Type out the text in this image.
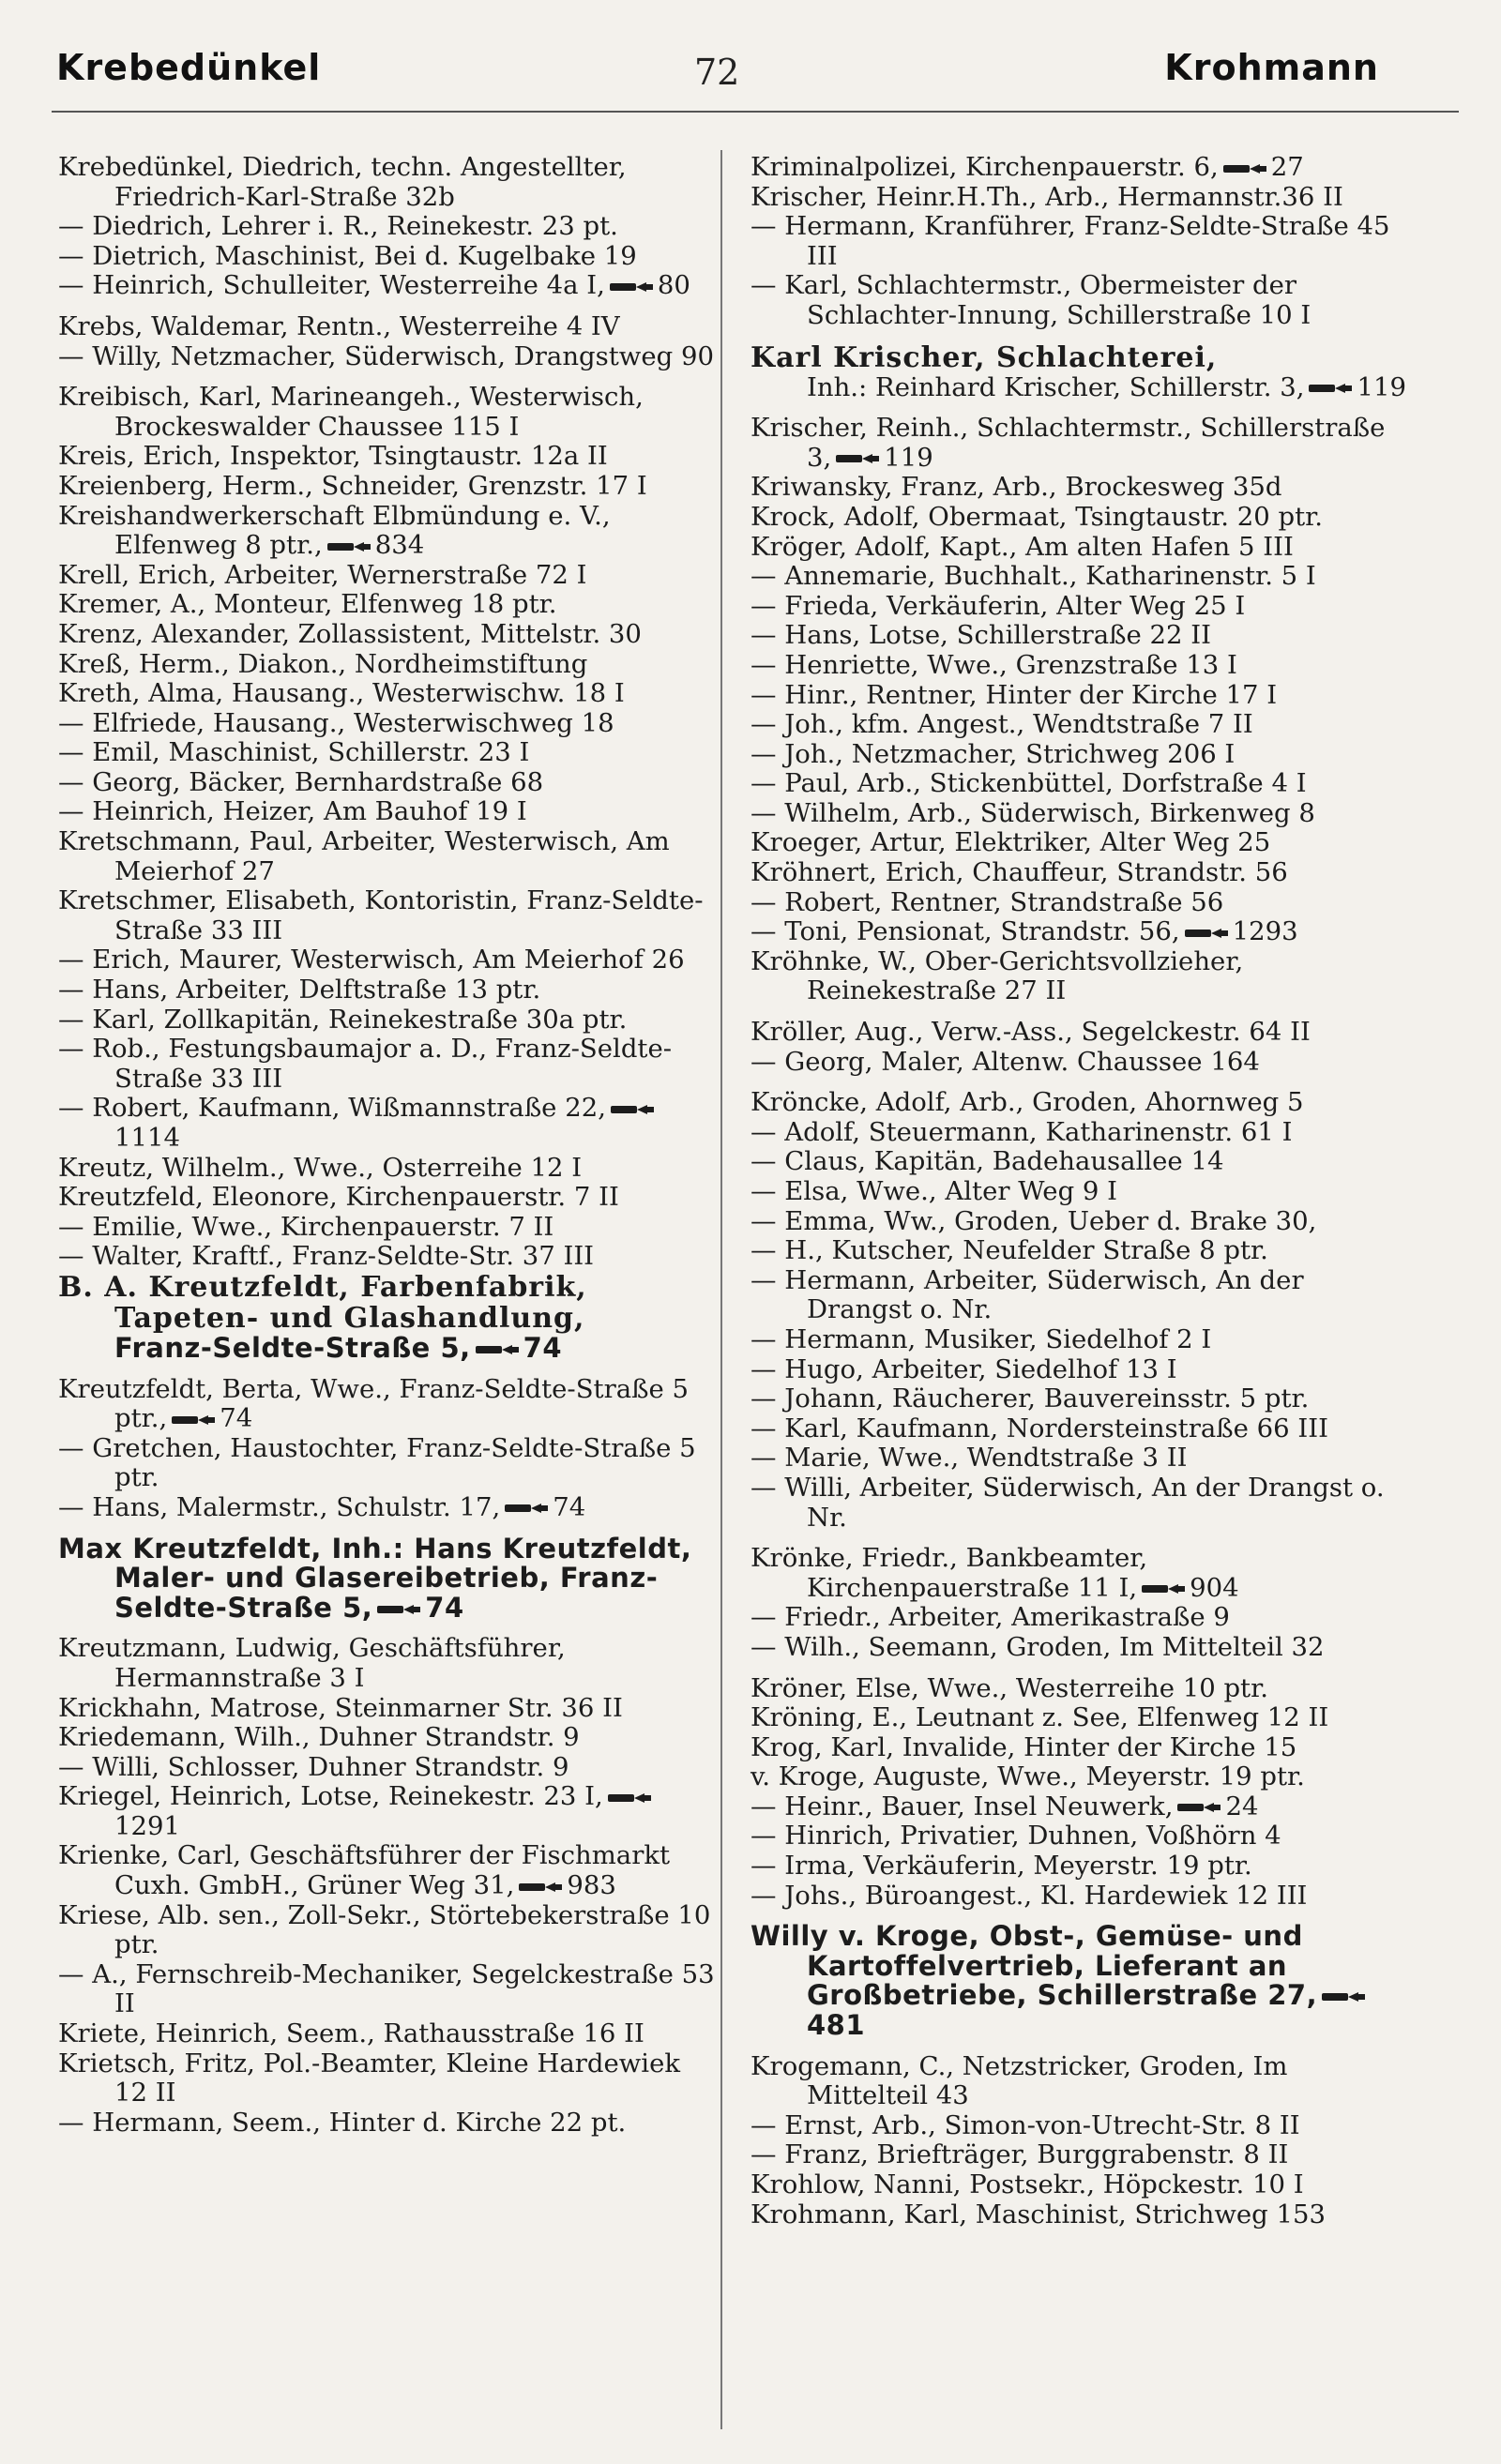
Krebedünkel	72	Krohmann
Krebedünkel, Diedrich, techn. Angestellter, Friedrich-Karl-Straße 32b
— Diedrich, Lehrer i. R., Reinekestr. 23 pt.
— Dietrich, Maschinist, Bei d. Kugelbake 19
— Heinrich, Schulleiter, Westerreihe 4a I, 80
Krebs, Waldemar, Rentn., Westerreihe 4 IV
— Willy, Netzmacher, Süderwisch, Drangstweg 90
Kreibisch, Karl, Marineangeh., Westerwisch, Brockeswalder Chaussee 115 I
Kreis, Erich, Inspektor, Tsingtaustr. 12a II
Kreienberg, Herm., Schneider, Grenzstr. 17 I
Kreishandwerkerschaft Elbmündung e. V., Elfenweg 8 ptr., 834
Krell, Erich, Arbeiter, Wernerstraße 72 I
Kremer, A., Monteur, Elfenweg 18 ptr.
Krenz, Alexander, Zollassistent, Mittelstr. 30
Kreß, Herm., Diakon., Nordheimstiftung
Kreth, Alma, Hausang., Westerwischw. 18 I
— Elfriede, Hausang., Westerwischweg 18
— Emil, Maschinist, Schillerstr. 23 I
— Georg, Bäcker, Bernhardstraße 68
— Heinrich, Heizer, Am Bauhof 19 I
Kretschmann, Paul, Arbeiter, Westerwisch, Am Meierhof 27
Kretschmer, Elisabeth, Kontoristin, Franz-Seldte-Straße 33 III
— Erich, Maurer, Westerwisch, Am Meierhof 26
— Hans, Arbeiter, Delftstraße 13 ptr.
— Karl, Zollkapitän, Reinekestraße 30a ptr.
— Rob., Festungsbaumajor a. D., Franz-Seldte-Straße 33 III
— Robert, Kaufmann, Wißmannstraße 22,1114
Kreutz, Wilhelm., Wwe., Osterreihe 12 I
Kreutzfeld, Eleonore, Kirchenpauerstr. 7 II
— Emilie, Wwe., Kirchenpauerstr. 7 II
— Walter, Kraftf., Franz-Seldte-Str. 37 III
B. A. Kreutzfeldt, Farbenfabrik, Tapeten- und Glashandlung,
Franz-Seldte-Straße 5, 74
Kreutzfeldt, Berta, Wwe., Franz-Seldte-Straße 5 ptr., 74
— Gretchen, Haustochter, Franz-Seldte-Straße 5 ptr.
— Hans, Malermstr., Schulstr. 17, 74
Max Kreutzfeldt, Inh.: Hans Kreutzfeldt, Maler- und Glasereibetrieb, Franz-Seldte-Straße 5, 74
Kreutzmann, Ludwig, Geschäftsführer, Hermannstraße 3 I
Krickhahn, Matrose, Steinmarner Str. 36 II
Kriedemann, Wilh., Duhner Strandstr. 9
— Willi, Schlosser, Duhner Strandstr. 9
Kriegel, Heinrich, Lotse, Reinekestr. 23 I,1291
Krienke, Carl, Geschäftsführer der Fischmarkt Cuxh. GmbH., Grüner Weg 31, 983
Kriese, Alb. sen., Zoll-Sekr., Störtebekerstraße 10 ptr.
— A., Fernschreib-Mechaniker, Segelckestraße 53 II
Kriete, Heinrich, Seem., Rathausstraße 16 II
Krietsch, Fritz, Pol.-Beamter, Kleine Hardewiek 12 II
— Hermann, Seem., Hinter d. Kirche 22 pt.
Kriminalpolizei, Kirchenpauerstr. 6, 27
Krischer, Heinr.H.Th., Arb., Hermannstr.36 II
— Hermann, Kranführer, Franz-Seldte-Straße 45 III
— Karl, Schlachtermstr., Obermeister der Schlachter-Innung, Schillerstraße 10 I
Karl Krischer, Schlachterei,
Inh.: Reinhard Krischer, Schillerstr. 3, 119
Krischer, Reinh., Schlachtermstr., Schillerstraße 3, 119
Kriwansky, Franz, Arb., Brockesweg 35d
Krock, Adolf, Obermaat, Tsingtaustr. 20 ptr.
Kröger, Adolf, Kapt., Am alten Hafen 5 III
— Annemarie, Buchhalt., Katharinenstr. 5 I
— Frieda, Verkäuferin, Alter Weg 25 I
— Hans, Lotse, Schillerstraße 22 II
— Henriette, Wwe., Grenzstraße 13 I
— Hinr., Rentner, Hinter der Kirche 17 I
— Joh., kfm. Angest., Wendtstraße 7 II
— Joh., Netzmacher, Strichweg 206 I
— Paul, Arb., Stickenbüttel, Dorfstraße 4 I
— Wilhelm, Arb., Süderwisch, Birkenweg 8
Kroeger, Artur, Elektriker, Alter Weg 25
Kröhnert, Erich, Chauffeur, Strandstr. 56
— Robert, Rentner, Strandstraße 56
— Toni, Pensionat, Strandstr. 56, 1293
Kröhnke, W., Ober-Gerichtsvollzieher, Reinekestraße 27 II
Kröller, Aug., Verw.-Ass., Segelckestr. 64 II
— Georg, Maler, Altenw. Chaussee 164
Kröncke, Adolf, Arb., Groden, Ahornweg 5
— Adolf, Steuermann, Katharinenstr. 61 I
— Claus, Kapitän, Badehausallee 14
— Elsa, Wwe., Alter Weg 9 I
— Emma, Ww., Groden, Ueber d. Brake 30,
— H., Kutscher, Neufelder Straße 8 ptr.
— Hermann, Arbeiter, Süderwisch, An der Drangst o. Nr.
— Hermann, Musiker, Siedelhof 2 I
— Hugo, Arbeiter, Siedelhof 13 I
— Johann, Räucherer, Bauvereinsstr. 5 ptr.
— Karl, Kaufmann, Norderstеinstraße 66 III
— Marie, Wwe., Wendtstraße 3 II
— Willi, Arbeiter, Süderwisch, An der Drangst o. Nr.
Krönke, Friedr., Bankbeamter, Kirchenpauerstraße 11 I, 904
— Friedr., Arbeiter, Amerikastraße 9
— Wilh., Seemann, Groden, Im Mittelteil 32
Kröner, Else, Wwe., Westerreihe 10 ptr.
Kröning, E., Leutnant z. See, Elfenweg 12 II
Krog, Karl, Invalide, Hinter der Kirche 15
v. Kroge, Auguste, Wwe., Meyerstr. 19 ptr.
— Heinr., Bauer, Insel Neuwerk, 24
— Hinrich, Privatier, Duhnen, Voßhörn 4
— Irma, Verkäuferin, Meyerstr. 19 ptr.
— Johs., Büroangest., Kl. Hardewiek 12 III
Willy v. Kroge, Obst-, Gemüse- und Kartoffelvertrieb, Lieferant an Großbetriebe, Schillerstraße 27,481
Krogemann, C., Netzstricker, Groden, Im Mittelteil 43
— Ernst, Arb., Simon-von-Utrecht-Str. 8 II
— Franz, Briefträger, Burggrabenstr. 8 II
Krohlow, Nanni, Postsekr., Höpckestr. 10 I
Krohmann, Karl, Maschinist, Strichweg 153
